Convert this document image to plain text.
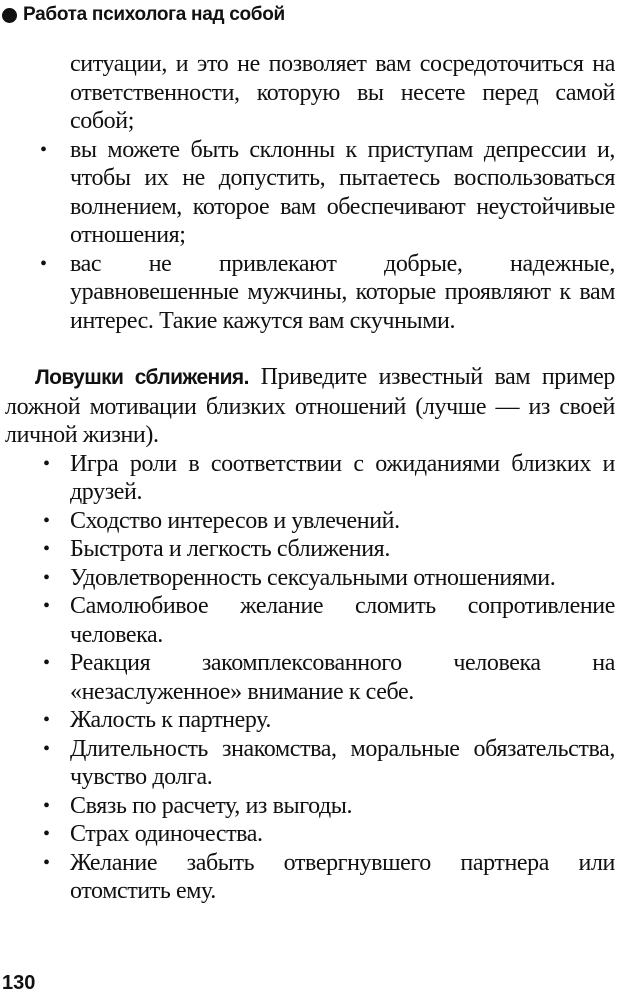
Работа психолога над собой
ситуации, и это не позволяет вам сосредоточиться на ответственности, которую вы несете перед самой собой;
• вы можете быть склонны к приступам депрессии и, чтобы их не допустить, пытаетесь воспользоваться волнением, которое вам обеспечивают неустойчивые отношения;
• вас не привлекают добрые, надежные, уравновешенные мужчины, которые проявляют к вам интерес. Такие кажутся вам скучными.
Ловушки сближения. Приведите известный вам пример ложной мотивации близких отношений (лучше — из своей личной жизни).
• Игра роли в соответствии с ожиданиями близких и друзей.
• Сходство интересов и увлечений.
• Быстрота и легкость сближения.
• Удовлетворенность сексуальными отношениями.
• Самолюбивое желание сломить сопротивление человека.
• Реакция закомплексованного человека на «незаслуженное» внимание к себе.
• Жалость к партнеру.
• Длительность знакомства, моральные обязательства, чувство долга.
• Связь по расчету, из выгоды.
• Страх одиночества.
• Желание забыть отвергнувшего партнера или отомстить ему.
130
